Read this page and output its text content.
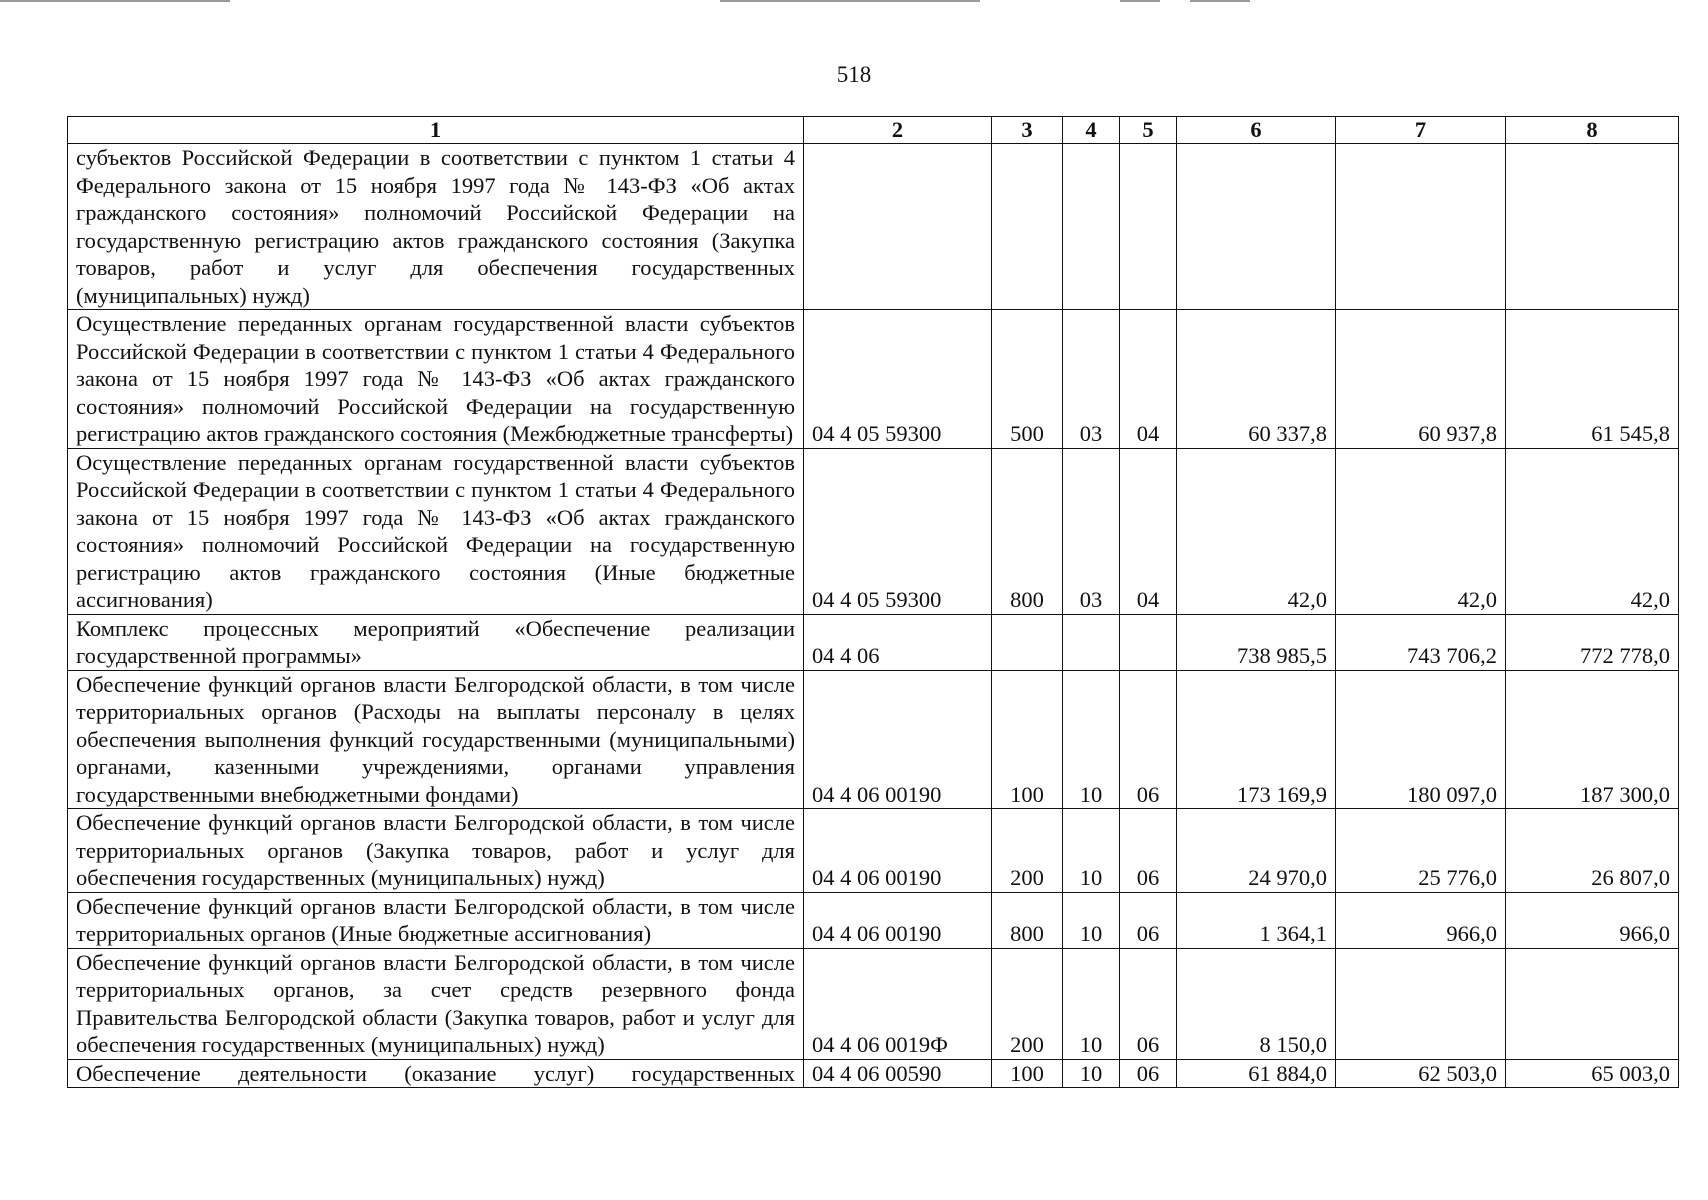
518
1	2	3	4	5	6	7	8
субъектов Российской Федерации в соответствии с пунктом 1 статьи 4 Федерального закона от 15 ноября 1997 года № 143-ФЗ «Об актах гражданского состояния» полномочий Российской Федерации на государственную регистрацию актов гражданского состояния (Закупка товаров, работ и услуг для обеспечения государственных (муниципальных) нужд)							
Осуществление переданных органам государственной власти субъектов Российской Федерации в соответствии с пунктом 1 статьи 4 Федерального закона от 15 ноября 1997 года № 143-ФЗ «Об актах гражданского состояния» полномочий Российской Федерации на государственную регистрацию актов гражданского состояния (Межбюджетные трансферты)	04 4 05 59300	500	03	04	60 337,8	60 937,8	61 545,8
Осуществление переданных органам государственной власти субъектов Российской Федерации в соответствии с пунктом 1 статьи 4 Федерального закона от 15 ноября 1997 года № 143-ФЗ «Об актах гражданского состояния» полномочий Российской Федерации на государственную регистрацию актов гражданского состояния (Иные бюджетные ассигнования)	04 4 05 59300	800	03	04	42,0	42,0	42,0
Комплекс процессных мероприятий «Обеспечение реализации государственной программы»	04 4 06				738 985,5	743 706,2	772 778,0
Обеспечение функций органов власти Белгородской области, в том числе территориальных органов (Расходы на выплаты персоналу в целях обеспечения выполнения функций государственными (муниципальными) органами, казенными учреждениями, органами управления государственными внебюджетными фондами)	04 4 06 00190	100	10	06	173 169,9	180 097,0	187 300,0
Обеспечение функций органов власти Белгородской области, в том числе территориальных органов (Закупка товаров, работ и услуг для обеспечения государственных (муниципальных) нужд)	04 4 06 00190	200	10	06	24 970,0	25 776,0	26 807,0
Обеспечение функций органов власти Белгородской области, в том числе территориальных органов (Иные бюджетные ассигнования)	04 4 06 00190	800	10	06	1 364,1	966,0	966,0
Обеспечение функций органов власти Белгородской области, в том числе территориальных органов, за счет средств резервного фонда Правительства Белгородской области (Закупка товаров, работ и услуг для обеспечения государственных (муниципальных) нужд)	04 4 06 0019Ф	200	10	06	8 150,0		
Обеспечение деятельности (оказание услуг) государственных	04 4 06 00590	100	10	06	61 884,0	62 503,0	65 003,0
